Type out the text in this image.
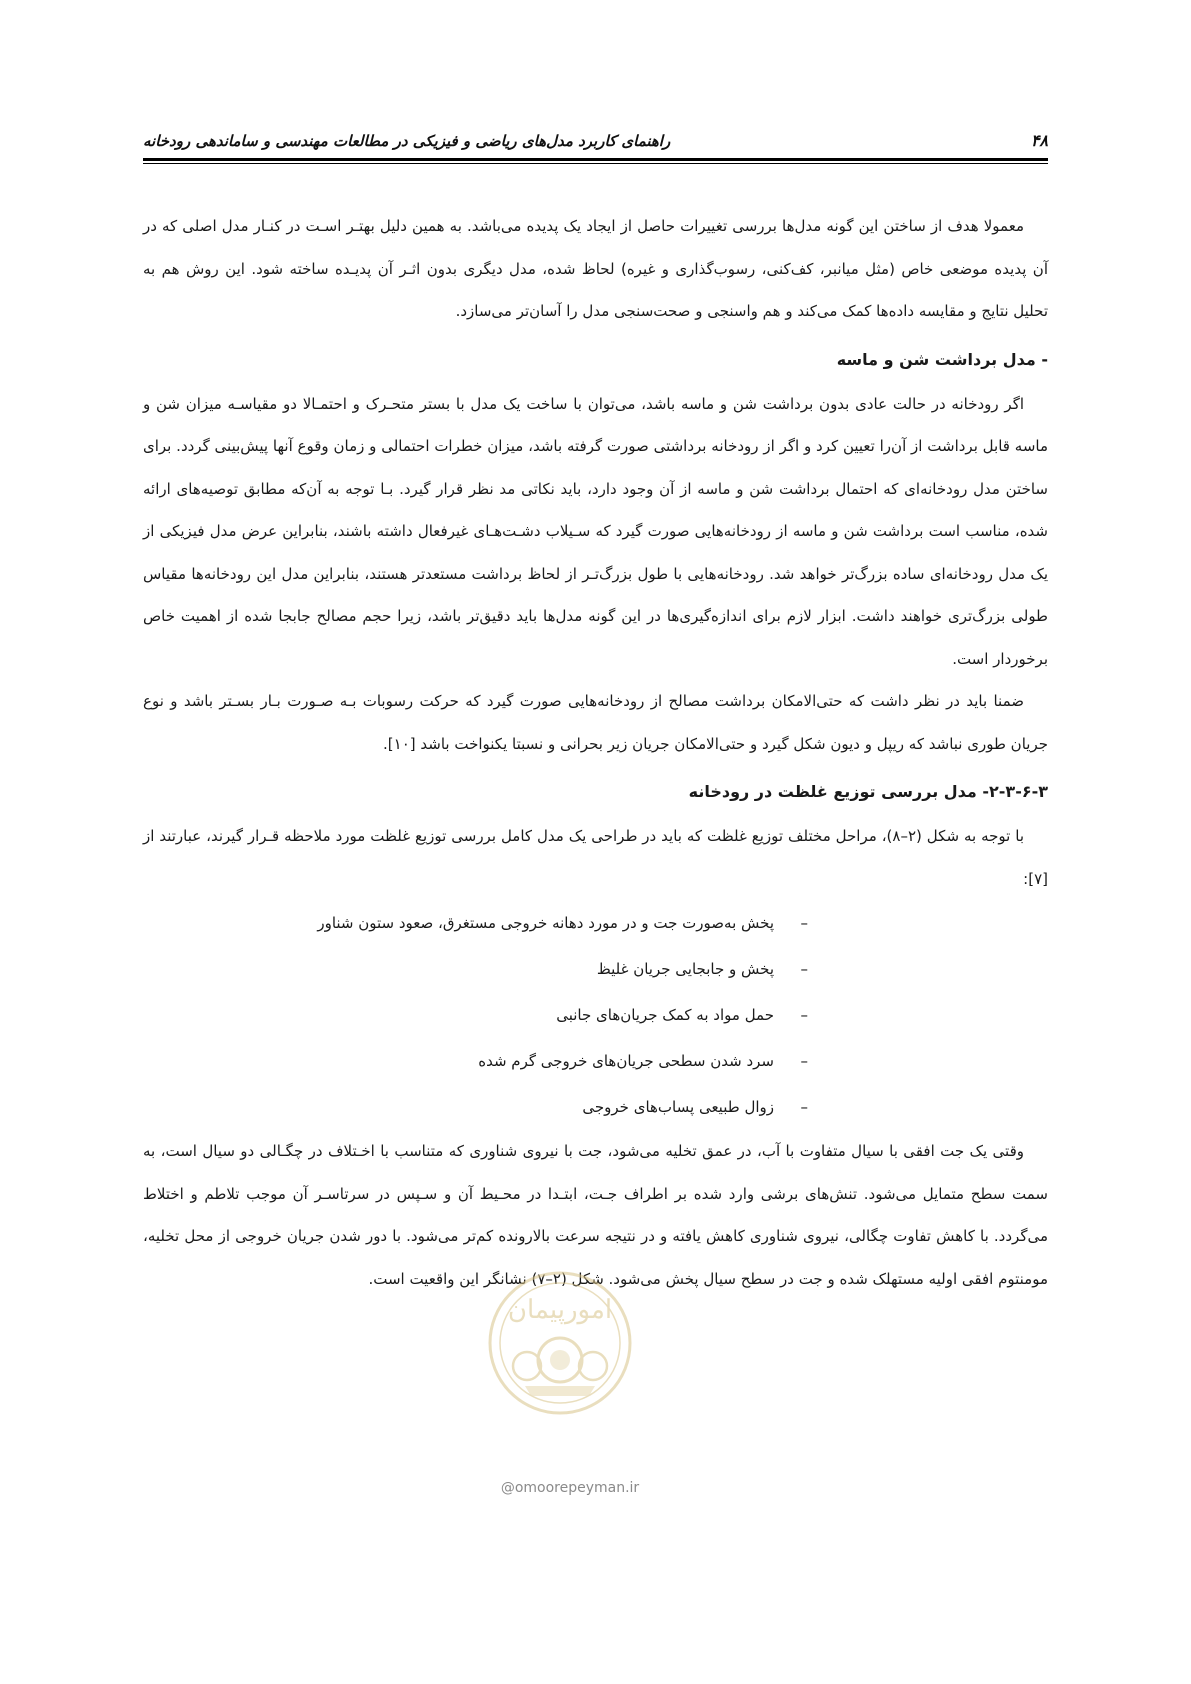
۴۸
راهنمای کاربرد مدل‌های ریاضی و فیزیکی در مطالعات مهندسی و ساماندهی رودخانه

معمولا هدف از ساختن این گونه مدل‌ها بررسی تغییرات حاصل از ایجاد یک پدیده می‌باشد. به همین دلیل بهتـر اسـت در کنـار مدل اصلی که در آن پدیده موضعی خاص (مثل میانبر، کف‌کنی، رسوب‌گذاری و غیره) لحاظ شده، مدل دیگری بدون اثـر آن پدیـده ساخته شود. این روش هم به تحلیل نتایج و مقایسه داده‌ها کمک می‌کند و هم واسنجی و صحت‌سنجی مدل را آسان‌تر می‌سازد.

- مدل برداشت شن و ماسه

اگر رودخانه در حالت عادی بدون برداشت شن و ماسه باشد، می‌توان با ساخت یک مدل با بستر متحـرک و احتمـالا دو مقیاسـه میزان شن و ماسه قابل برداشت از آن‌را تعیین کرد و اگر از رودخانه برداشتی صورت گرفته باشد، میزان خطرات احتمالی و زمان وقوع آنها پیش‌بینی گردد. برای ساختن مدل رودخانه‌ای که احتمال برداشت شن و ماسه از آن وجود دارد، باید نکاتی مد نظر قرار گیرد. بـا توجه به آن‌که مطابق توصیه‌های ارائه شده، مناسب است برداشت شن و ماسه از رودخانه‌هایی صورت گیرد که سـیلاب دشـت‌هـای غیرفعال داشته باشند، بنابراین عرض مدل فیزیکی از یک مدل رودخانه‌ای ساده بزرگ‌تر خواهد شد. رودخانه‌هایی با طول بزرگ‌تـر از لحاظ برداشت مستعدتر هستند، بنابراین مدل این رودخانه‌ها مقیاس طولی بزرگ‌تری خواهند داشت. ابزار لازم برای اندازه‌گیری‌ها در این گونه مدل‌ها باید دقیق‌تر باشد، زیرا حجم مصالح جابجا شده از اهمیت خاص برخوردار است.

ضمنا باید در نظر داشت که حتی‌الامکان برداشت مصالح از رودخانه‌هایی صورت گیرد که حرکت رسوبات بـه صـورت بـار بسـتر باشد و نوع جریان طوری نباشد که ریپل و دیون شکل گیرد و حتی‌الامکان جریان زیر بحرانی و نسبتا یکنواخت باشد [۱۰].

۲-۳-۶-۳- مدل بررسی توزیع غلظت در رودخانه

با توجه به شکل (۲–۸)، مراحل مختلف توزیع غلظت که باید در طراحی یک مدل کامل بررسی توزیع غلظت مورد ملاحظه قـرار گیرند، عبارتند از [۷]:

–پخش به‌صورت جت و در مورد دهانه خروجی مستغرق، صعود ستون شناور
–پخش و جابجایی جریان غلیظ
–حمل مواد به کمک جریان‌های جانبی
–سرد شدن سطحی جریان‌های خروجی گرم شده
–زوال طبیعی پساب‌های خروجی

وقتی یک جت افقی با سیال متفاوت با آب، در عمق تخلیه می‌شود، جت با نیروی شناوری که متناسب با اخـتلاف در چگـالی دو سیال است، به سمت سطح متمایل می‌شود. تنش‌های برشی وارد شده بر اطراف جـت، ابتـدا در محـیط آن و سـپس در سرتاسـر آن موجب تلاطم و اختلاط می‌گردد. با کاهش تفاوت چگالی، نیروی شناوری کاهش یافته و در نتیجه سرعت بالارونده کم‌تر می‌شود. با دور شدن جریان خروجی از محل تخلیه، مومنتوم افقی اولیه مستهلک شده و جت در سطح سیال پخش می‌شود. شکل (۲–۷) نشانگر این واقعیت است.

امورپیمان
@omoorepeyman.ir
